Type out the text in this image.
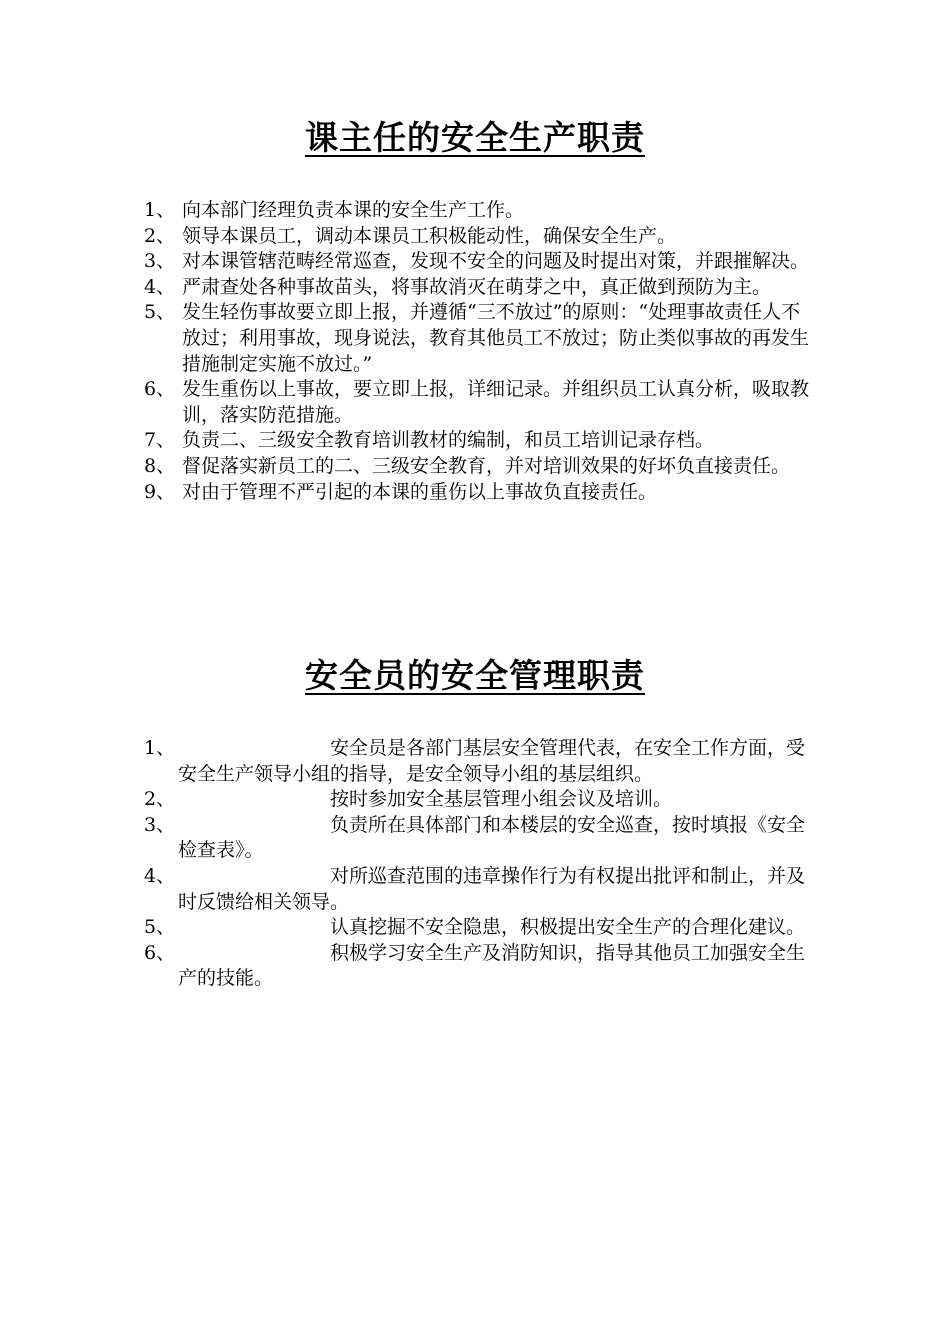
课主任的安全生产职责
1、 向本部门经理负责本课的安全生产工作。
2、 领导本课员工，调动本课员工积极能动性，确保安全生产。
3、 对本课管辖范畴经常巡查，发现不安全的问题及时提出对策，并跟摧解决。
4、 严肃查处各种事故苗头，将事故消灭在萌芽之中，真正做到预防为主。
5、 发生轻伤事故要立即上报，并遵循“三不放过”的原则：“处理事故责任人不放过；利用事故，现身说法，教育其他员工不放过；防止类似事故的再发生措施制定实施不放过。”
6、 发生重伤以上事故，要立即上报，详细记录。并组织员工认真分析，吸取教训，落实防范措施。
7、 负责二、三级安全教育培训教材的编制，和员工培训记录存档。
8、 督促落实新员工的二、三级安全教育，并对培训效果的好坏负直接责任。
9、 对由于管理不严引起的本课的重伤以上事故负直接责任。
安全员的安全管理职责
1、	安全员是各部门基层安全管理代表，在安全工作方面，受安全生产领导小组的指导，是安全领导小组的基层组织。
2、	按时参加安全基层管理小组会议及培训。
3、	负责所在具体部门和本楼层的安全巡查，按时填报《安全检查表》。
4、	对所巡查范围的违章操作行为有权提出批评和制止，并及时反馈给相关领导。
5、	认真挖掘不安全隐患，积极提出安全生产的合理化建议。
6、	积极学习安全生产及消防知识，指导其他员工加强安全生产的技能。
